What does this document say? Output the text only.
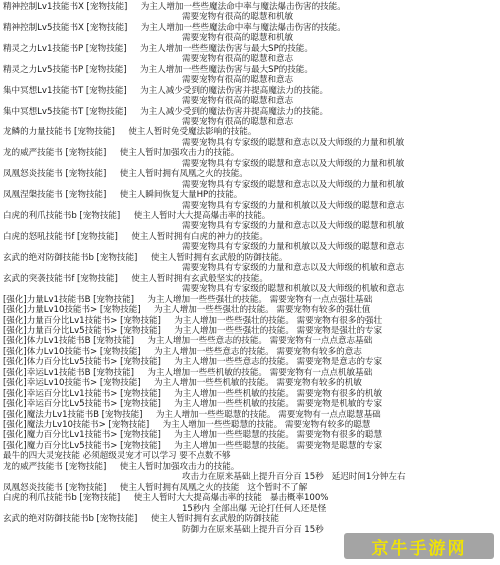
精神控制Lv1技能书X [宠物技能]     为主人增加一些些魔法命中率与魔法爆击伤害的技能。
需要宠物有很高的聪慧和机敏
精神控制Lv5技能书X [宠物技能]     为主人增加一些些魔法命中率与魔法爆击伤害的技能。
需要宠物有很高的聪慧和机敏
精灵之力Lv1技能书P [宠物技能]     为主人增加一些些魔法伤害与最大SP的技能。
需要宠物有很高的聪慧和意志
精灵之力Lv5技能书P [宠物技能]     为主人增加一些些魔法伤害与最大SP的技能。
需要宠物有很高的聪慧和意志
集中冥想Lv1技能书T [宠物技能]     为主人减少受到的魔法伤害并提高魔法力的技能。
需要宠物有很高的聪慧和意志
集中冥想Lv5技能书T [宠物技能]     为主人减少受到的魔法伤害并提高魔法力的技能。
需要宠物有很高的聪慧和意志
龙鳞的力量技能书 [宠物技能]     使主人暂时免受魔法影响的技能。
需要宠物具有专家级的聪慧和意志以及大师级的力量和机敏
龙的威严技能书 [宠物技能]     使主人暂时加强攻击力的技能。
需要宠物具有专家级的聪慧和意志以及大师级的力量和机敏
凤凰怒炎技能书 [宠物技能]     使主人暂时拥有凤凰之火的技能。
需要宠物具有专家级的聪慧和意志以及大师级的力量和机敏
凤凰涅槃技能书 [宠物技能]     使主人瞬间恢复大量HP的技能。
需要宠物具有专家级的力量和机敏以及大师级的聪慧和意志
白虎的利爪技能书b [宠物技能]     使主人暂时大大提高爆击率的技能。
需要宠物具有专家级的力量和意志以及大师级的聪慧和机敏
白虎的怒吼技能书f [宠物技能]     使主人暂时拥有白虎的神力的技能。
需要宠物具有专家级的力量和机敏以及大师级的聪慧和意志
玄武的绝对防御技能书b [宠物技能]     使主人暂时拥有玄武般的防御技能。
需要宠物具有专家级的力量和意志以及大师级的机敏和意志
玄武的突袭技能书f [宠物技能]     使主人暂时拥有玄武般坚实的技能。
需要宠物具有专家级的聪慧和机敏以及大师级的机敏和意志
[强化]力量Lv1技能书B [宠物技能]     为主人增加一些些强壮的技能。 需要宠物有一点点强壮基础
[强化]力量Lv10技能书> [宠物技能]     为主人增加一些些强壮的技能。 需要宠物有较多的强壮值
[强化]力量百分比Lv1技能书> [宠物技能]     为主人增加一些些强壮的技能。 需要宠物有很多的强壮
[强化]力量百分比Lv5技能书> [宠物技能]     为主人增加一些些强壮的技能。 需要宠物是强壮的专家
[强化]体力Lv1技能书B [宠物技能]     为主人增加一些些意志的技能。 需要宠物有一点点意志基础
[强化]体力Lv10技能书> [宠物技能]     为主人增加一些些意志的技能。 需要宠物有较多的意志
[强化]体力百分比Lv5技能书> [宠物技能]     为主人增加一些些意志的技能。 需要宠物是意志的专家
[强化]幸运Lv1技能书B [宠物技能]     为主人增加一些些机敏的技能。 需要宠物有一点点机敏基础
[强化]幸运Lv10技能书> [宠物技能]     为主人增加一些些机敏的技能。 需要宠物有较多的机敏
[强化]幸运百分比Lv1技能书> [宠物技能]     为主人增加一些些机敏的技能。 需要宠物有很多的机敏
[强化]幸运百分比Lv5技能书> [宠物技能]     为主人增加一些些机敏的技能。 需要宠物是机敏的专家
[强化]魔法力Lv1技能书B [宠物技能]     为主人增加一些些聪慧的技能。 需要宠物有一点点聪慧基础
[强化]魔法力Lv10技能书> [宠物技能]     为主人增加一些些聪慧的技能。 需要宠物有较多的聪慧
[强化]魔力百分比Lv1技能书> [宠物技能]     为主人增加一些些聪慧的技能。 需要宠物有很多的聪慧
[强化]魔力百分比Lv5技能书> [宠物技能]     为主人增加一些些聪慧的技能。 需要宠物是聪慧的专家
最牛的四大灵宠技能 必须超级灵宠才可以学习 要不点数不够
龙的威严技能书 [宠物技能]     使主人暂时加强攻击力的技能。
攻击力在原来基础上提升百分百 15秒   延迟时间1分钟左右
凤凰怒炎技能书 [宠物技能]     使主人暂时拥有凤凰之火的技能   这个暂时不了解
白虎的利爪技能书b [宠物技能]     使主人暂时大大提高爆击率的技能   暴击概率100%
15秒内 全部出爆 无论打任何人还是怪
玄武的绝对防御技能书b [宠物技能]     使主人暂时拥有玄武般的防御技能
防御力在原来基础上提升百分百 15秒
京牛手游网
